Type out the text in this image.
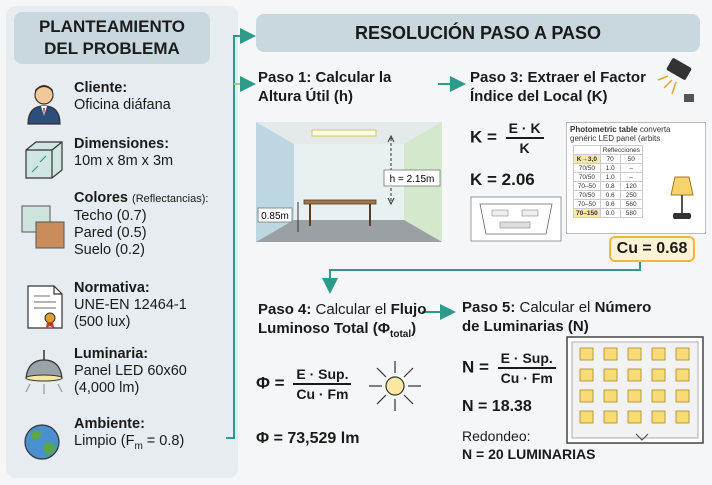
PLANTEAMIENTO
DEL PROBLEMA
Cliente:
Oficina diáfana
Dimensiones:
10m x 8m x 3m
Colores (Reflectancias):
Techo (0.7)
Pared (0.5)
Suelo (0.2)
Normativa:
UNE-EN 12464-1
(500 lux)
Luminaria:
Panel LED 60x60
(4,000 lm)
Ambiente:
Limpio $(F_m = 0.8)$
RESOLUCIÓN PASO A PASO
Paso 1: Calcular la
Altura Útil (h)
h = 2.15m
0.85m
Paso 3: Extraer el Factor
Índice del Local (K)
$K = \frac{E \cdot K}{K}$
K = 2.06
Photometric table converta
genéric LED panel (arbits
	Reflecciones	
K→3,0	70	50
70/50	1.0	–
70/50	1.0	–
70–50	0.8	120
70/50	0.6	250
70–50	0.6	560
70–150	0.0	580
Cu = 0.68
Paso 4: Calcular el Flujo
Luminoso Total $(\Phi_{total})$
$\Phi = \frac{\text{E · Sup.}}{Cu \cdot Fm}$
Φ = 73,529 lm
Paso 5: Calcular el Número
de Luminarias (N)
$N = \frac{\text{E · Sup.}}{Cu \cdot Fm}$
N = 18.38
Redondeo:
N = 20 LUMINARIAS
